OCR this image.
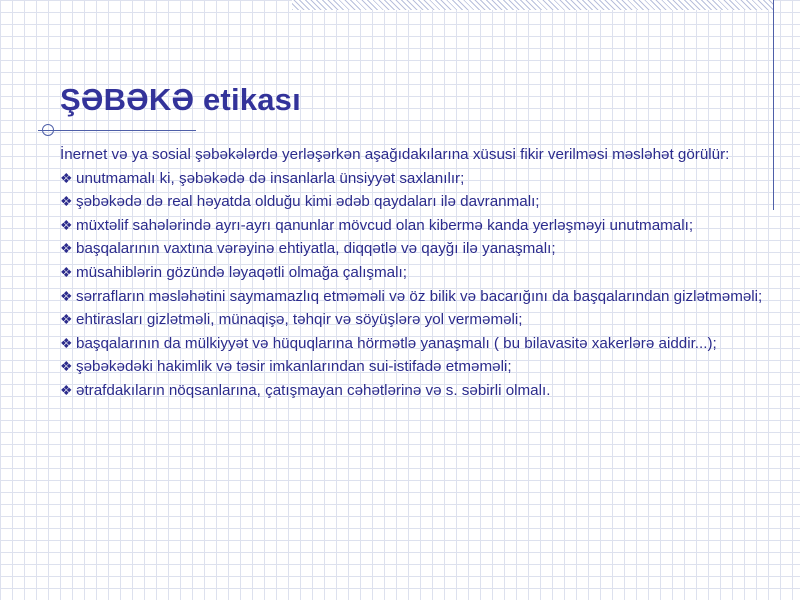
ŞƏBƏKƏ etikası

İnernet və ya sosial şəbəkələrdə yerləşərkən aşağıdakılarına xüsusi fikir verilməsi məsləhət görülür:

❖ unutmamalı ki, şəbəkədə də insanlarla ünsiyyət saxlanılır;

❖ şəbəkədə də real həyatda olduğu kimi ədəb qaydaları ilə davranmalı;

❖ müxtəlif sahələrində ayrı-ayrı qanunlar mövcud olan kibermə kanda yerləşməyi unutmamalı;

❖ başqalarının vaxtına vərəyinə ehtiyatla, diqqətlə və qayğı ilə yanaşmalı;

❖ müsahiblərin gözündə ləyaqətli olmağa çalışmalı;

❖ sərrafların məsləhətini saymamazlıq etməməli və öz bilik və bacarığını da başqalarından gizlətməməli;

❖ ehtirasları gizlətməli, münaqişə, təhqir və söyüşlərə yol verməməli;

❖ başqalarının da mülkiyyət və hüquqlarına hörmətlə yanaşmalı ( bu bilavasitə xakerlərə aiddir...);

❖ şəbəkədəki hakimlik və təsir imkanlarından sui-istifadə etməməli;

❖ ətrafdakıların nöqsanlarına, çatışmayan cəhətlərinə və s. səbirli olmalı.
